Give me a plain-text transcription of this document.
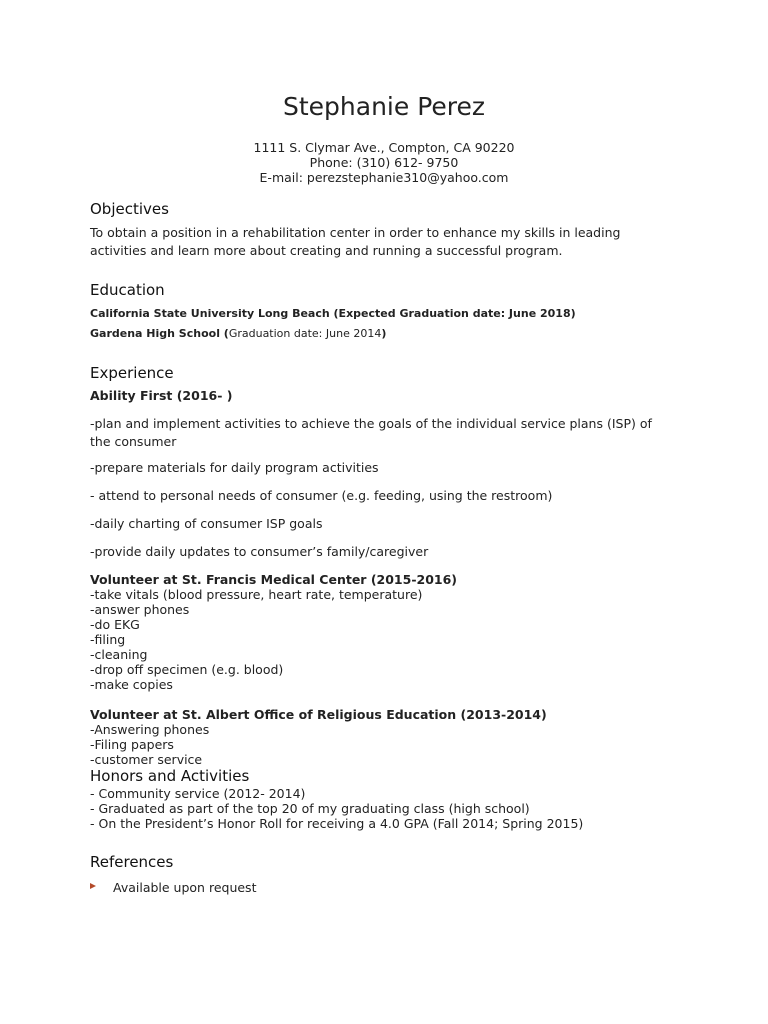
Stephanie Perez
1111 S. Clymar Ave., Compton, CA 90220
Phone: (310) 612- 9750
E-mail: perezstephanie310@yahoo.com
Objectives
To obtain a position in a rehabilitation center in order to enhance my skills in leading activities and learn more about creating and running a successful program.
Education
California State University Long Beach (Expected Graduation date: June 2018)
Gardena High School (Graduation date: June 2014)
Experience
Ability First (2016- )
-plan and implement activities to achieve the goals of the individual service plans (ISP) of the consumer
-prepare materials for daily program activities
- attend to personal needs of consumer (e.g. feeding, using the restroom)
-daily charting of consumer ISP goals
-provide daily updates to consumer’s family/caregiver
Volunteer at St. Francis Medical Center (2015-2016)
-take vitals (blood pressure, heart rate, temperature)
-answer phones
-do EKG
-filing
-cleaning
-drop off specimen (e.g. blood)
-make copies
Volunteer at St. Albert Office of Religious Education (2013-2014)
-Answering phones
-Filing papers
-customer service
Honors and Activities
- Community service (2012- 2014)
- Graduated as part of the top 20 of my graduating class (high school)
- On the President’s Honor Roll for receiving a 4.0 GPA (Fall 2014; Spring 2015)
References
Available upon request
